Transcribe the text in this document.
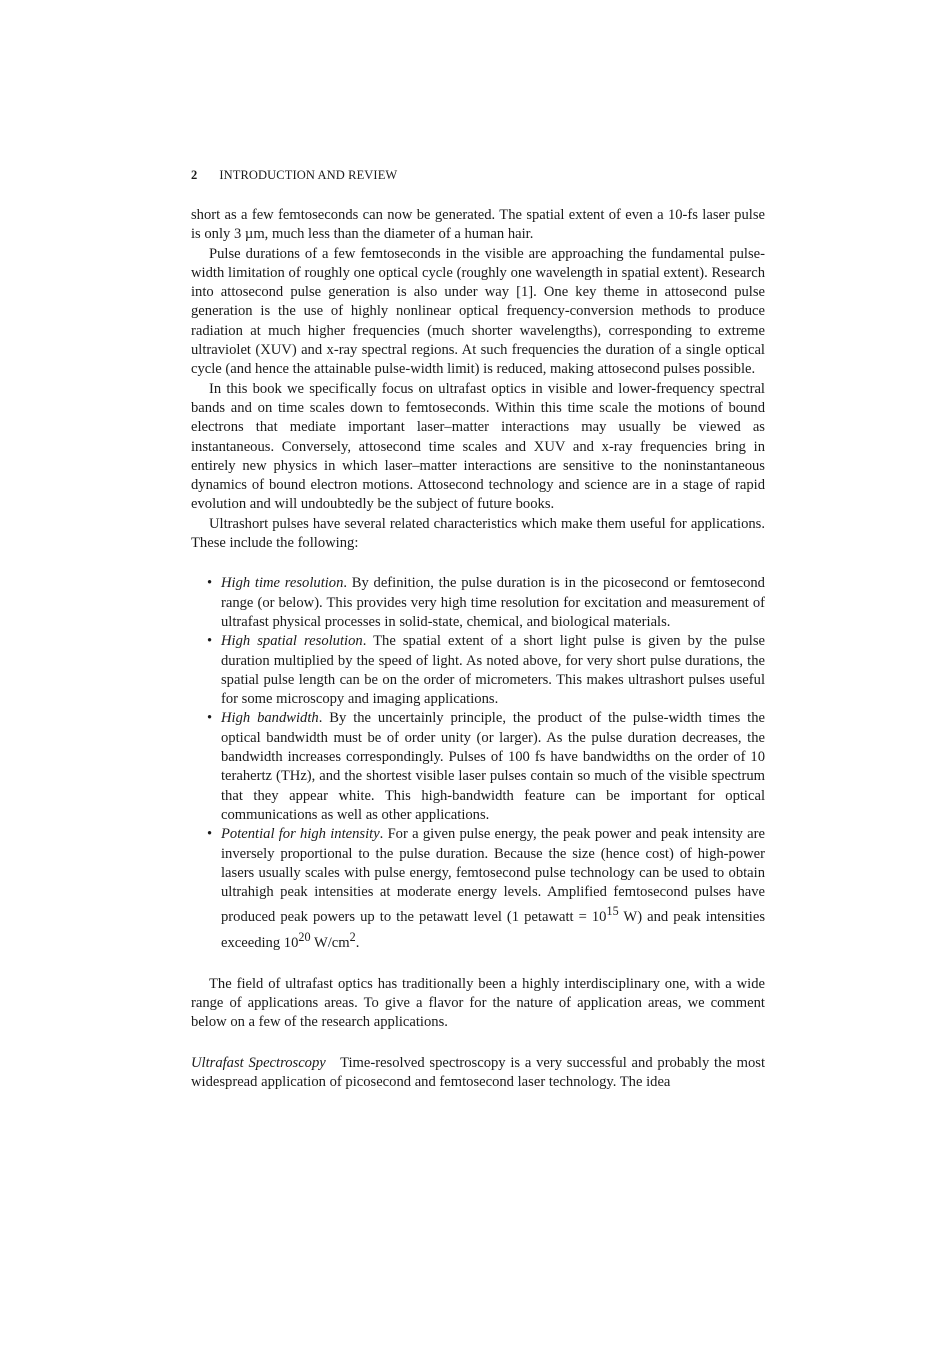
2 INTRODUCTION AND REVIEW

short as a few femtoseconds can now be generated. The spatial extent of even a 10-fs laser pulse is only 3 µm, much less than the diameter of a human hair.

Pulse durations of a few femtoseconds in the visible are approaching the fundamental pulse-width limitation of roughly one optical cycle (roughly one wavelength in spatial extent). Research into attosecond pulse generation is also under way [1]. One key theme in attosecond pulse generation is the use of highly nonlinear optical frequency-conversion methods to produce radiation at much higher frequencies (much shorter wavelengths), corresponding to extreme ultraviolet (XUV) and x-ray spectral regions. At such frequencies the duration of a single optical cycle (and hence the attainable pulse-width limit) is reduced, making attosecond pulses possible.

In this book we specifically focus on ultrafast optics in visible and lower-frequency spectral bands and on time scales down to femtoseconds. Within this time scale the motions of bound electrons that mediate important laser–matter interactions may usually be viewed as instantaneous. Conversely, attosecond time scales and XUV and x-ray frequencies bring in entirely new physics in which laser–matter interactions are sensitive to the noninstantaneous dynamics of bound electron motions. Attosecond technology and science are in a stage of rapid evolution and will undoubtedly be the subject of future books.

Ultrashort pulses have several related characteristics which make them useful for applications. These include the following:

• High time resolution. By definition, the pulse duration is in the picosecond or femtosecond range (or below). This provides very high time resolution for excitation and measurement of ultrafast physical processes in solid-state, chemical, and biological materials.
• High spatial resolution. The spatial extent of a short light pulse is given by the pulse duration multiplied by the speed of light. As noted above, for very short pulse durations, the spatial pulse length can be on the order of micrometers. This makes ultrashort pulses useful for some microscopy and imaging applications.
• High bandwidth. By the uncertainly principle, the product of the pulse-width times the optical bandwidth must be of order unity (or larger). As the pulse duration decreases, the bandwidth increases correspondingly. Pulses of 100 fs have bandwidths on the order of 10 terahertz (THz), and the shortest visible laser pulses contain so much of the visible spectrum that they appear white. This high-bandwidth feature can be important for optical communications as well as other applications.
• Potential for high intensity. For a given pulse energy, the peak power and peak intensity are inversely proportional to the pulse duration. Because the size (hence cost) of high-power lasers usually scales with pulse energy, femtosecond pulse technology can be used to obtain ultrahigh peak intensities at moderate energy levels. Amplified femtosecond pulses have produced peak powers up to the petawatt level (1 petawatt = $10^{15}$ W) and peak intensities exceeding $10^{20}$ $W/cm^2$.

The field of ultrafast optics has traditionally been a highly interdisciplinary one, with a wide range of applications areas. To give a flavor for the nature of application areas, we comment below on a few of the research applications.

Ultrafast Spectroscopy Time-resolved spectroscopy is a very successful and probably the most widespread application of picosecond and femtosecond laser technology. The idea
